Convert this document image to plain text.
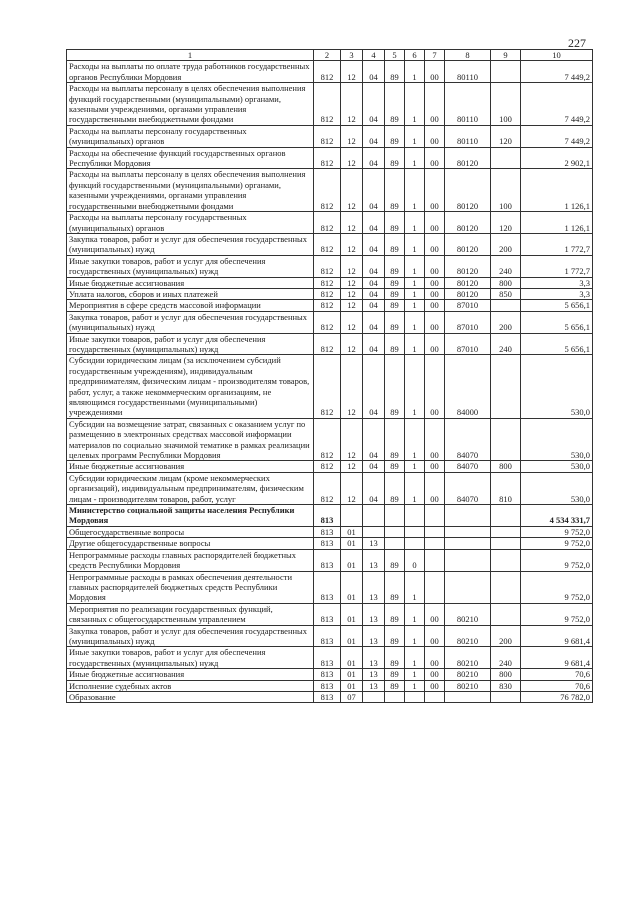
227
1	2	3	4	5	6	7	8	9	10
Расходы на выплаты по оплате труда работников государственных органов Республики Мордовия	812	12	04	89	1	00	80110		7 449,2
Расходы на выплаты персоналу в целях обеспечения выполнения функций государственными (муниципальными) органами, казенными учреждениями, органами управления государственными внебюджетными фондами	812	12	04	89	1	00	80110	100	7 449,2
Расходы на выплаты персоналу государственных (муниципальных) органов	812	12	04	89	1	00	80110	120	7 449,2
Расходы на обеспечение функций государственных органов Республики Мордовия	812	12	04	89	1	00	80120		2 902,1
Расходы на выплаты персоналу в целях обеспечения выполнения функций государственными (муниципальными) органами, казенными учреждениями, органами управления государственными внебюджетными фондами	812	12	04	89	1	00	80120	100	1 126,1
Расходы на выплаты персоналу государственных (муниципальных) органов	812	12	04	89	1	00	80120	120	1 126,1
Закупка товаров, работ и услуг для обеспечения государственных (муниципальных) нужд	812	12	04	89	1	00	80120	200	1 772,7
Иные закупки товаров, работ и услуг для обеспечения государственных (муниципальных) нужд	812	12	04	89	1	00	80120	240	1 772,7
Иные бюджетные ассигнования	812	12	04	89	1	00	80120	800	3,3
Уплата налогов, сборов и иных платежей	812	12	04	89	1	00	80120	850	3,3
Мероприятия в сфере средств массовой информации	812	12	04	89	1	00	87010		5 656,1
Закупка товаров, работ и услуг для обеспечения государственных (муниципальных) нужд	812	12	04	89	1	00	87010	200	5 656,1
Иные закупки товаров, работ и услуг для обеспечения государственных (муниципальных) нужд	812	12	04	89	1	00	87010	240	5 656,1
Субсидии юридическим лицам (за исключением субсидий государственным учреждениям), индивидуальным предпринимателям, физическим лицам - производителям товаров, работ, услуг, а также некоммерческим организациям, не являющимся государственными (муниципальными) учреждениями	812	12	04	89	1	00	84000		530,0
Субсидии на возмещение затрат, связанных с оказанием услуг по размещению в электронных средствах массовой информации материалов по социально значимой тематике в рамках реализации целевых программ Республики Мордовия	812	12	04	89	1	00	84070		530,0
Иные бюджетные ассигнования	812	12	04	89	1	00	84070	800	530,0
Субсидии юридическим лицам (кроме некоммерческих организаций), индивидуальным предпринимателям, физическим лицам - производителям товаров, работ, услуг	812	12	04	89	1	00	84070	810	530,0
Министерство социальной защиты населения Республики Мордовия	813								4 534 331,7
Общегосударственные вопросы	813	01							9 752,0
Другие общегосударственные вопросы	813	01	13						9 752,0
Непрограммные расходы главных распорядителей бюджетных средств Республики Мордовия	813	01	13	89	0				9 752,0
Непрограммные расходы в рамках обеспечения деятельности главных распорядителей бюджетных средств Республики Мордовия	813	01	13	89	1				9 752,0
Мероприятия по реализации государственных функций, связанных с общегосударственным управлением	813	01	13	89	1	00	80210		9 752,0
Закупка товаров, работ и услуг для обеспечения государственных (муниципальных) нужд	813	01	13	89	1	00	80210	200	9 681,4
Иные закупки товаров, работ и услуг для обеспечения государственных (муниципальных) нужд	813	01	13	89	1	00	80210	240	9 681,4
Иные бюджетные ассигнования	813	01	13	89	1	00	80210	800	70,6
Исполнение судебных актов	813	01	13	89	1	00	80210	830	70,6
Образование	813	07							76 782,0
